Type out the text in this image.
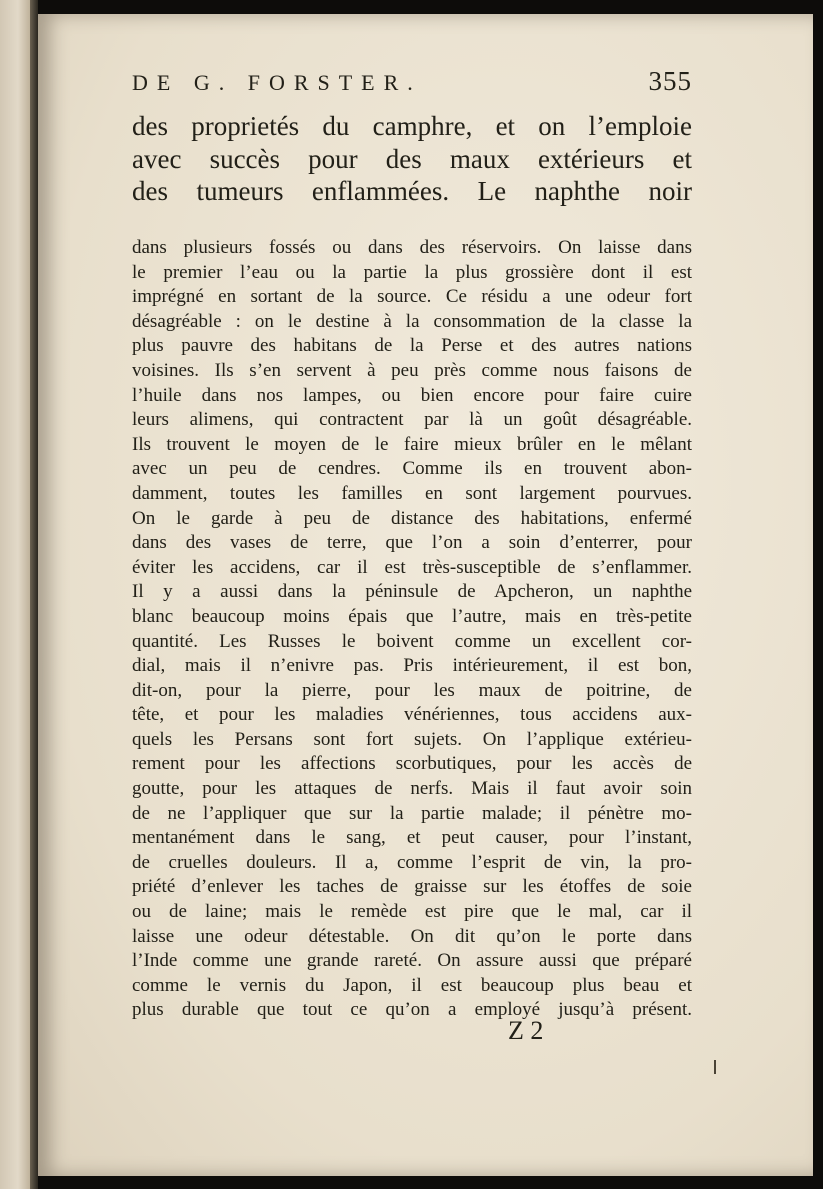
DE G. FORSTER.	355

des proprietés du camphre, et on l’emploie

avec succès pour des maux extérieurs et

des tumeurs enflammées. Le naphthe noir

dans plusieurs fossés ou dans des réservoirs. On laisse dans

le premier l’eau ou la partie la plus grossière dont il est

imprégné en sortant de la source. Ce résidu a une odeur fort

désagréable : on le destine à la consommation de la classe la

plus pauvre des habitans de la Perse et des autres nations

voisines. Ils s’en servent à peu près comme nous faisons de

l’huile dans nos lampes, ou bien encore pour faire cuire

leurs alimens, qui contractent par là un goût désagréable.

Ils trouvent le moyen de le faire mieux brûler en le mêlant

avec un peu de cendres. Comme ils en trouvent abon-

damment, toutes les familles en sont largement pourvues.

On le garde à peu de distance des habitations, enfermé

dans des vases de terre, que l’on a soin d’enterrer, pour

éviter les accidens, car il est très-susceptible de s’enflammer.

Il y a aussi dans la péninsule de Apcheron, un naphthe

blanc beaucoup moins épais que l’autre, mais en très-petite

quantité. Les Russes le boivent comme un excellent cor-

dial, mais il n’enivre pas. Pris intérieurement, il est bon,

dit-on, pour la pierre, pour les maux de poitrine, de

tête, et pour les maladies vénériennes, tous accidens aux-

quels les Persans sont fort sujets. On l’applique extérieu-

rement pour les affections scorbutiques, pour les accès de

goutte, pour les attaques de nerfs. Mais il faut avoir soin

de ne l’appliquer que sur la partie malade; il pénètre mo-

mentanément dans le sang, et peut causer, pour l’instant,

de cruelles douleurs. Il a, comme l’esprit de vin, la pro-

priété d’enlever les taches de graisse sur les étoffes de soie

ou de laine; mais le remède est pire que le mal, car il

laisse une odeur détestable. On dit qu’on le porte dans

l’Inde comme une grande rareté. On assure aussi que préparé

comme le vernis du Japon, il est beaucoup plus beau et

plus durable que tout ce qu’on a employé jusqu’à présent.

Z 2
